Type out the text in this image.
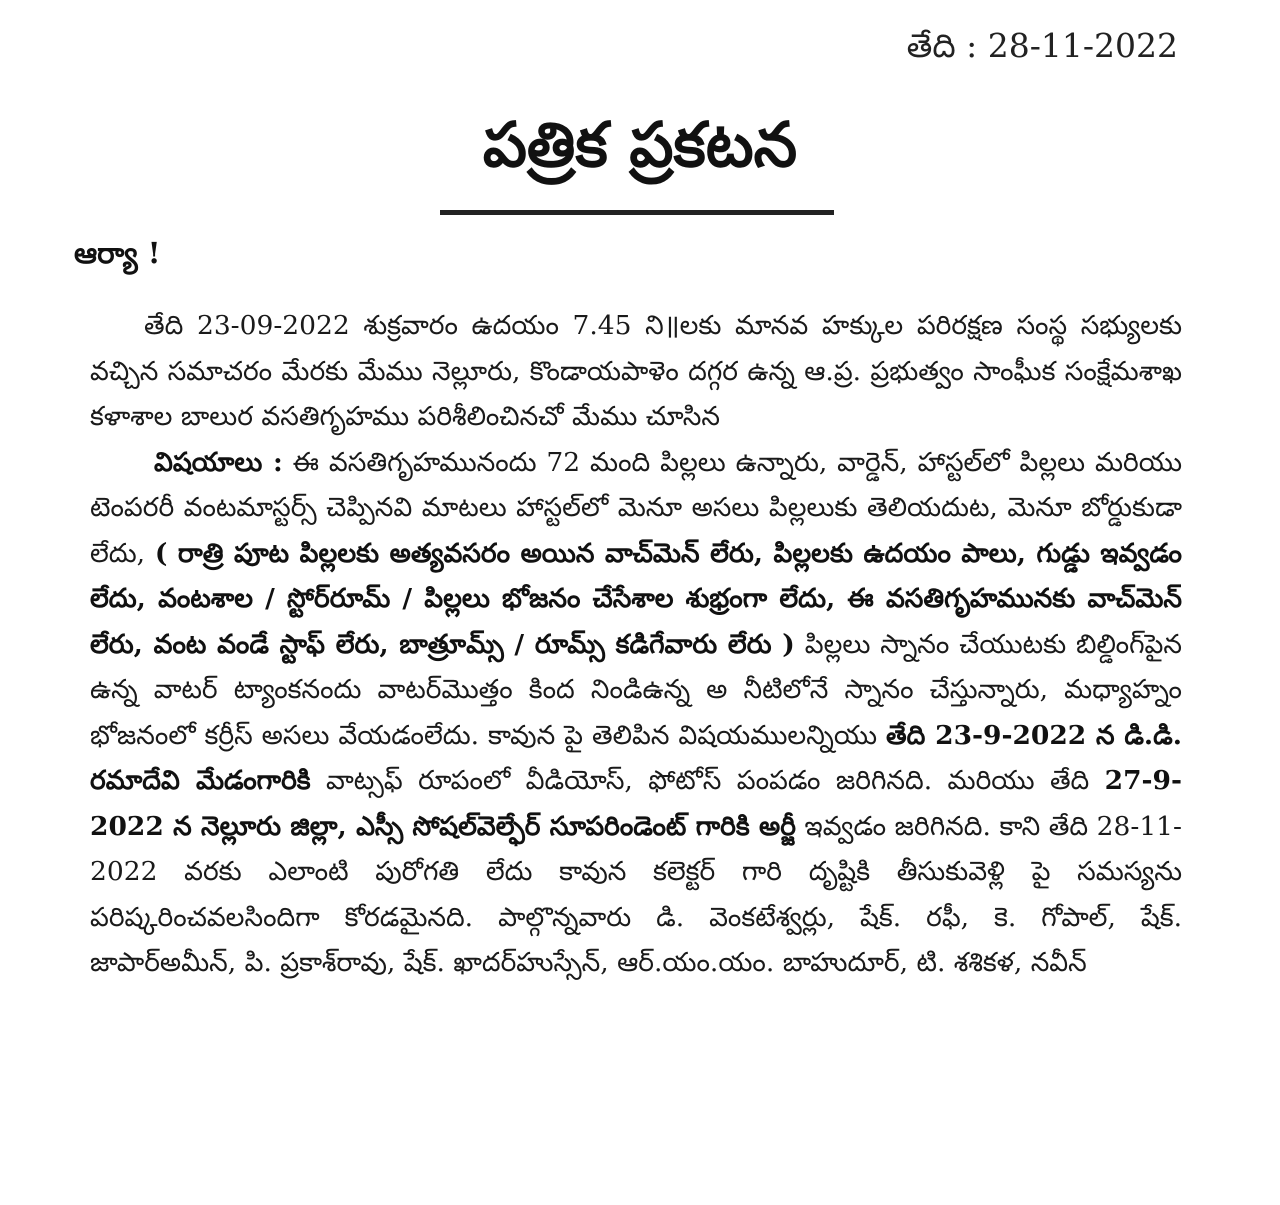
తేది : 28-11-2022
పత్రిక ప్రకటన
ఆర్యా !

తేది 23-09-2022 శుక్రవారం ఉదయం 7.45 ని॥లకు మానవ హక్కుల పరిరక్షణ సంస్థ సభ్యులకు వచ్చిన సమాచరం మేరకు మేము నెల్లూరు, కొండాయపాళెం దగ్గర ఉన్న ఆ.ప్ర. ప్రభుత్వం సాంఘీక సంక్షేమశాఖ కళాశాల బాలుర వసతిగృహము పరిశీలించినచో మేము చూసిన

విషయాలు : ఈ వసతిగృహమునందు 72 మంది పిల్లలు ఉన్నారు, వార్డెన్, హాస్టల్‌లో పిల్లలు మరియు టెంపరరీ వంటమాస్టర్స్ చెప్పినవి మాటలు హాస్టల్‌లో మెనూ అసలు పిల్లలుకు తెలియదుట, మెనూ బోర్డుకుడా లేదు, ( రాత్రి పూట పిల్లలకు అత్యవసరం అయిన వాచ్‌మెన్ లేరు, పిల్లలకు ఉదయం పాలు, గుడ్డు ఇవ్వడం లేదు, వంటశాల / స్టోర్‌రూమ్ / పిల్లలు భోజనం చేసేశాల శుభ్రంగా లేదు, ఈ వసతిగృహమునకు వాచ్‌మెన్ లేరు, వంట వండే స్టాఫ్ లేరు, బాత్రూమ్స్ / రూమ్స్ కడిగేవారు లేరు ) పిల్లలు స్నానం చేయుటకు బిల్డింగ్‌పైన ఉన్న వాటర్ ట్యాంకనందు వాటర్‌మొత్తం కింద నిండిఉన్న అ నీటిలోనే స్నానం చేస్తున్నారు, మధ్యాహ్నం భోజనంలో కర్రీస్ అసలు వేయడంలేదు. కావున పై తెలిపిన విషయములన్నియు తేది 23-9-2022 న డి.డి. రమాదేవి మేడంగారికి వాట్సఫ్ రూపంలో వీడియోస్, ఫోటోస్ పంపడం జరిగినది. మరియు తేది 27-9-2022 న నెల్లూరు జిల్లా, ఎస్సీ సోషల్‌వెల్ఫేర్ సూపరిండెంట్ గారికి అర్జీ ఇవ్వడం జరిగినది. కాని తేది 28-11-2022 వరకు ఎలాంటి పురోగతి లేదు కావున కలెక్టర్ గారి దృష్టికి తీసుకువెళ్లి పై సమస్యను పరిష్కరించవలసిందిగా కోరడమైనది. పాల్గొన్నవారు డి. వెంకటేశ్వర్లు, షేక్. రఫీ, కె. గోపాల్, షేక్. జాపార్‌అమీన్, పి. ప్రకాశ్‌రావు, షేక్. ఖాదర్‌హుస్సేన్, ఆర్.యం.యం. బాహుదూర్, టి. శశికళ, నవీన్
